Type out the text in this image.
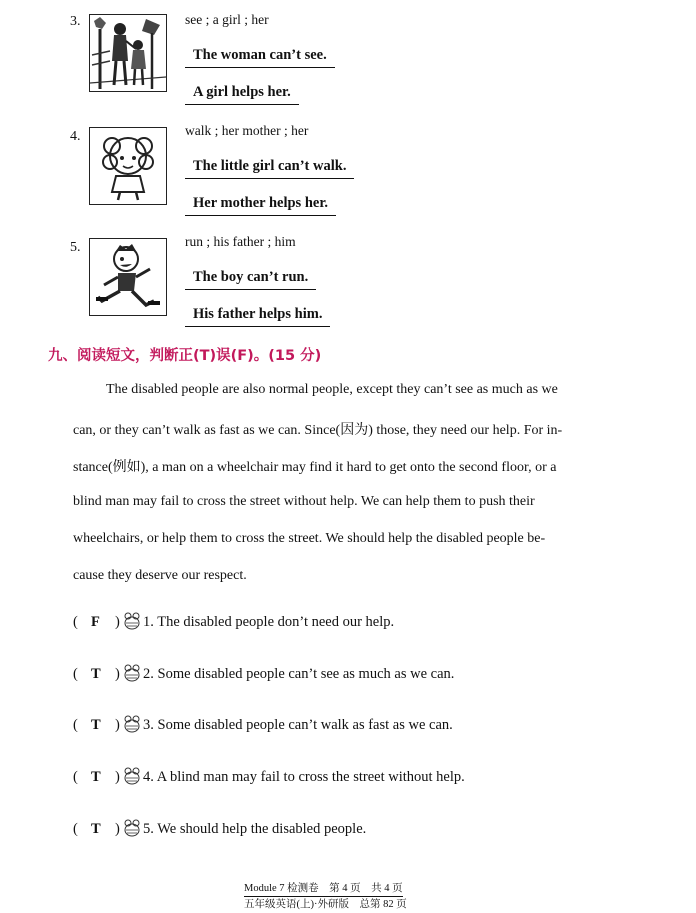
3.	see ; a girl ; her
The woman can’t see.
A girl helps her.
4.	walk ; her mother ; her
The little girl can’t walk.
Her mother helps her.
5.	run ; his father ; him
The boy can’t run.
His father helps him.
九、阅读短文，判断正(T)误(F)。(15 分)
The disabled people are also normal people, except they can’t see as much as we
can, or they can’t walk as fast as we can. Since(因为) those, they need our help. For in-
stance(例如), a man on a wheelchair may find it hard to get onto the second floor, or a
blind man may fail to cross the street without help. We can help them to push their
wheelchairs, or help them to cross the street. We should help the disabled people be-
cause they deserve our respect.
( F ) 1. The disabled people don’t need our help.
( T ) 2. Some disabled people can’t see as much as we can.
( T ) 3. Some disabled people can’t walk as fast as we can.
( T ) 4. A blind man may fail to cross the street without help.
( T ) 5. We should help the disabled people.
Module 7 检测卷　第 4 页　共 4 页
五年级英语(上)·外研版　总第 82 页
